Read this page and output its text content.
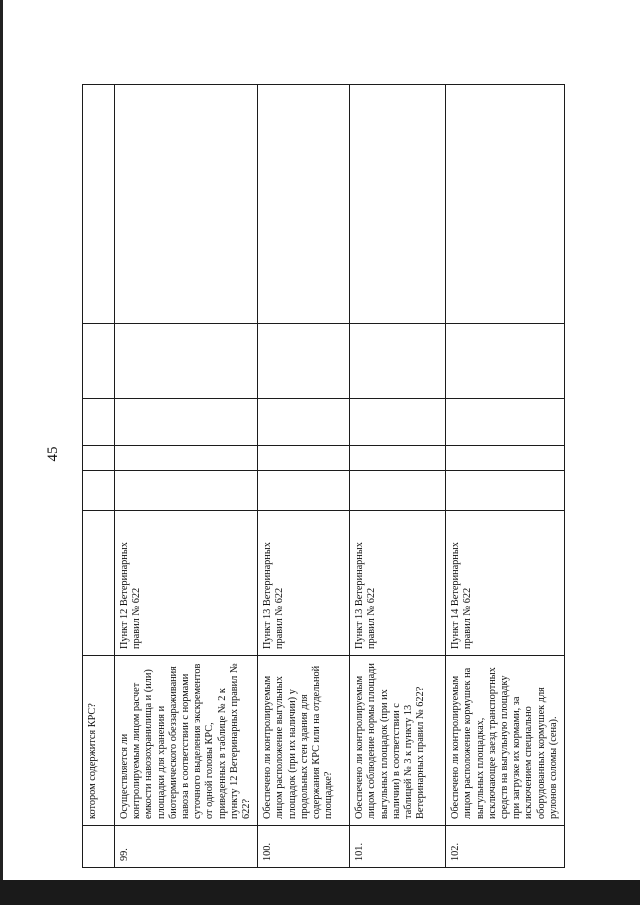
45
	котором содержится КРС?						
99.	Осуществляется ли контролируемым лицом расчет емкости навозохранилища и (или) площадки для хранения и биотермического обеззараживания навоза в соответствии с нормами суточного выделения экскрементов от одной головы КРС, приведенных в таблице № 2 к пункту 12 Ветеринарных правил № 622?	Пункт 12 Ветеринарных правил № 622					
100.	Обеспечено ли контролируемым лицом расположение выгульных площадок (при их наличии) у продольных стен здания для содержания КРС или на отдельной площадке?	Пункт 13 Ветеринарных правил № 622					
101.	Обеспечено ли контролируемым лицом соблюдение нормы площади выгульных площадок (при их наличии) в соответствии с таблицей № 3 к пункту 13 Ветеринарных правил № 622?	Пункт 13 Ветеринарных правил № 622					
102.	Обеспечено ли контролируемым лицом расположение кормушек на выгульных площадках, исключающее заезд транспортных средств на выгульную площадку при загрузке их кормами, за исключением специально оборудованных кормушек для рулонов соломы (сена).	Пункт 14 Ветеринарных правил № 622					
